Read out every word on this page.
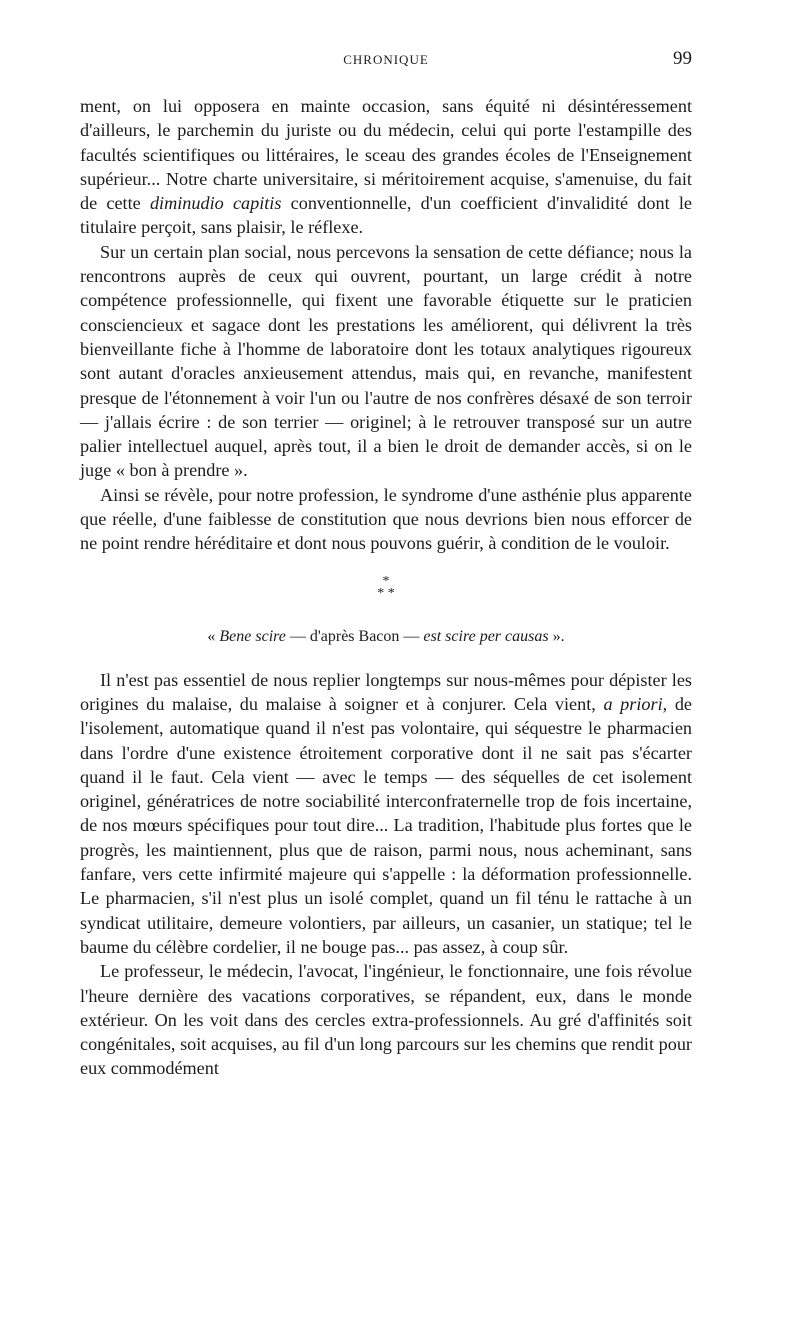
CHRONIQUE	99

ment, on lui opposera en mainte occasion, sans équité ni désintéressement d'ailleurs, le parchemin du juriste ou du médecin, celui qui porte l'estampille des facultés scientifiques ou littéraires, le sceau des grandes écoles de l'Enseignement supérieur... Notre charte universitaire, si méritoirement acquise, s'amenuise, du fait de cette diminudio capitis conventionnelle, d'un coefficient d'invalidité dont le titulaire perçoit, sans plaisir, le réflexe.

Sur un certain plan social, nous percevons la sensation de cette défiance; nous la rencontrons auprès de ceux qui ouvrent, pourtant, un large crédit à notre compétence professionnelle, qui fixent une favorable étiquette sur le praticien consciencieux et sagace dont les prestations les améliorent, qui délivrent la très bienveillante fiche à l'homme de laboratoire dont les totaux analytiques rigoureux sont autant d'oracles anxieusement attendus, mais qui, en revanche, manifestent presque de l'étonnement à voir l'un ou l'autre de nos confrères désaxé de son terroir — j'allais écrire : de son terrier — originel; à le retrouver transposé sur un autre palier intellectuel auquel, après tout, il a bien le droit de demander accès, si on le juge « bon à prendre ».

Ainsi se révèle, pour notre profession, le syndrome d'une asthénie plus apparente que réelle, d'une faiblesse de constitution que nous devrions bien nous efforcer de ne point rendre héréditaire et dont nous pouvons guérir, à condition de le vouloir.

*
* *
« Bene scire — d'après Bacon — est scire per causas ».

Il n'est pas essentiel de nous replier longtemps sur nous-mêmes pour dépister les origines du malaise, du malaise à soigner et à conjurer. Cela vient, a priori, de l'isolement, automatique quand il n'est pas volontaire, qui séquestre le pharmacien dans l'ordre d'une existence étroitement corporative dont il ne sait pas s'écarter quand il le faut. Cela vient — avec le temps — des séquelles de cet isolement originel, génératrices de notre sociabilité interconfraternelle trop de fois incertaine, de nos mœurs spécifiques pour tout dire... La tradition, l'habitude plus fortes que le progrès, les maintiennent, plus que de raison, parmi nous, nous acheminant, sans fanfare, vers cette infirmité majeure qui s'appelle : la déformation professionnelle. Le pharmacien, s'il n'est plus un isolé complet, quand un fil ténu le rattache à un syndicat utilitaire, demeure volontiers, par ailleurs, un casanier, un statique; tel le baume du célèbre cordelier, il ne bouge pas... pas assez, à coup sûr.

Le professeur, le médecin, l'avocat, l'ingénieur, le fonctionnaire, une fois révolue l'heure dernière des vacations corporatives, se répandent, eux, dans le monde extérieur. On les voit dans des cercles extra-professionnels. Au gré d'affinités soit congénitales, soit acquises, au fil d'un long parcours sur les chemins que rendit pour eux commodément
